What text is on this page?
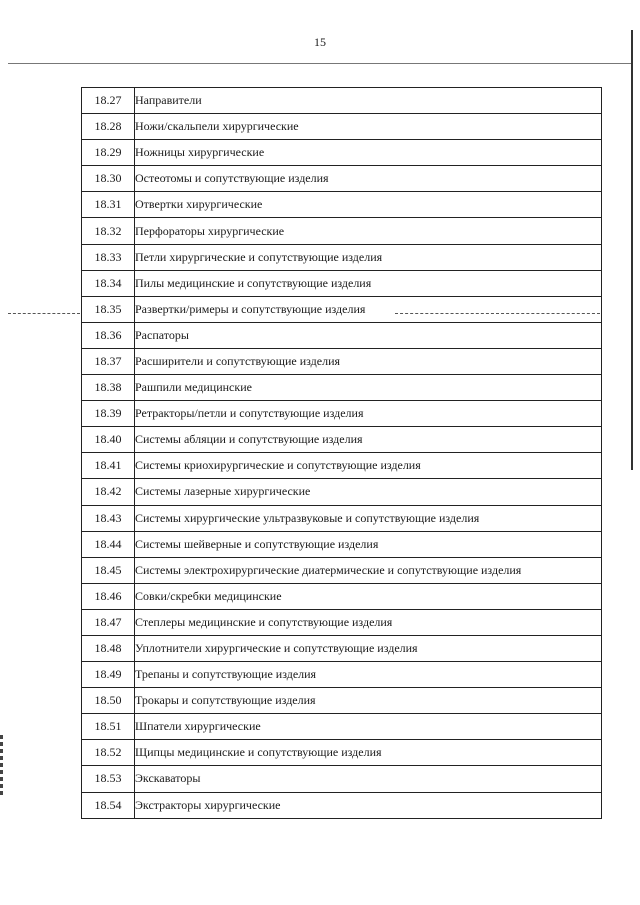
15
18.27	Направители
18.28	Ножи/скальпели хирургические
18.29	Ножницы хирургические
18.30	Остеотомы и сопутствующие изделия
18.31	Отвертки хирургические
18.32	Перфораторы хирургические
18.33	Петли хирургические и сопутствующие изделия
18.34	Пилы медицинские и сопутствующие изделия
18.35	Развертки/римеры и сопутствующие изделия
18.36	Распаторы
18.37	Расширители и сопутствующие изделия
18.38	Рашпили медицинские
18.39	Ретракторы/петли и сопутствующие изделия
18.40	Системы абляции и сопутствующие изделия
18.41	Системы криохирургические и сопутствующие изделия
18.42	Системы лазерные хирургические
18.43	Системы хирургические ультразвуковые и сопутствующие изделия
18.44	Системы шейверные и сопутствующие изделия
18.45	Системы электрохирургические диатермические и сопутствующие изделия
18.46	Совки/скребки медицинские
18.47	Степлеры медицинские и сопутствующие изделия
18.48	Уплотнители хирургические и сопутствующие изделия
18.49	Трепаны и сопутствующие изделия
18.50	Трокары и сопутствующие изделия
18.51	Шпатели хирургические
18.52	Щипцы медицинские и сопутствующие изделия
18.53	Экскаваторы
18.54	Экстракторы хирургические
